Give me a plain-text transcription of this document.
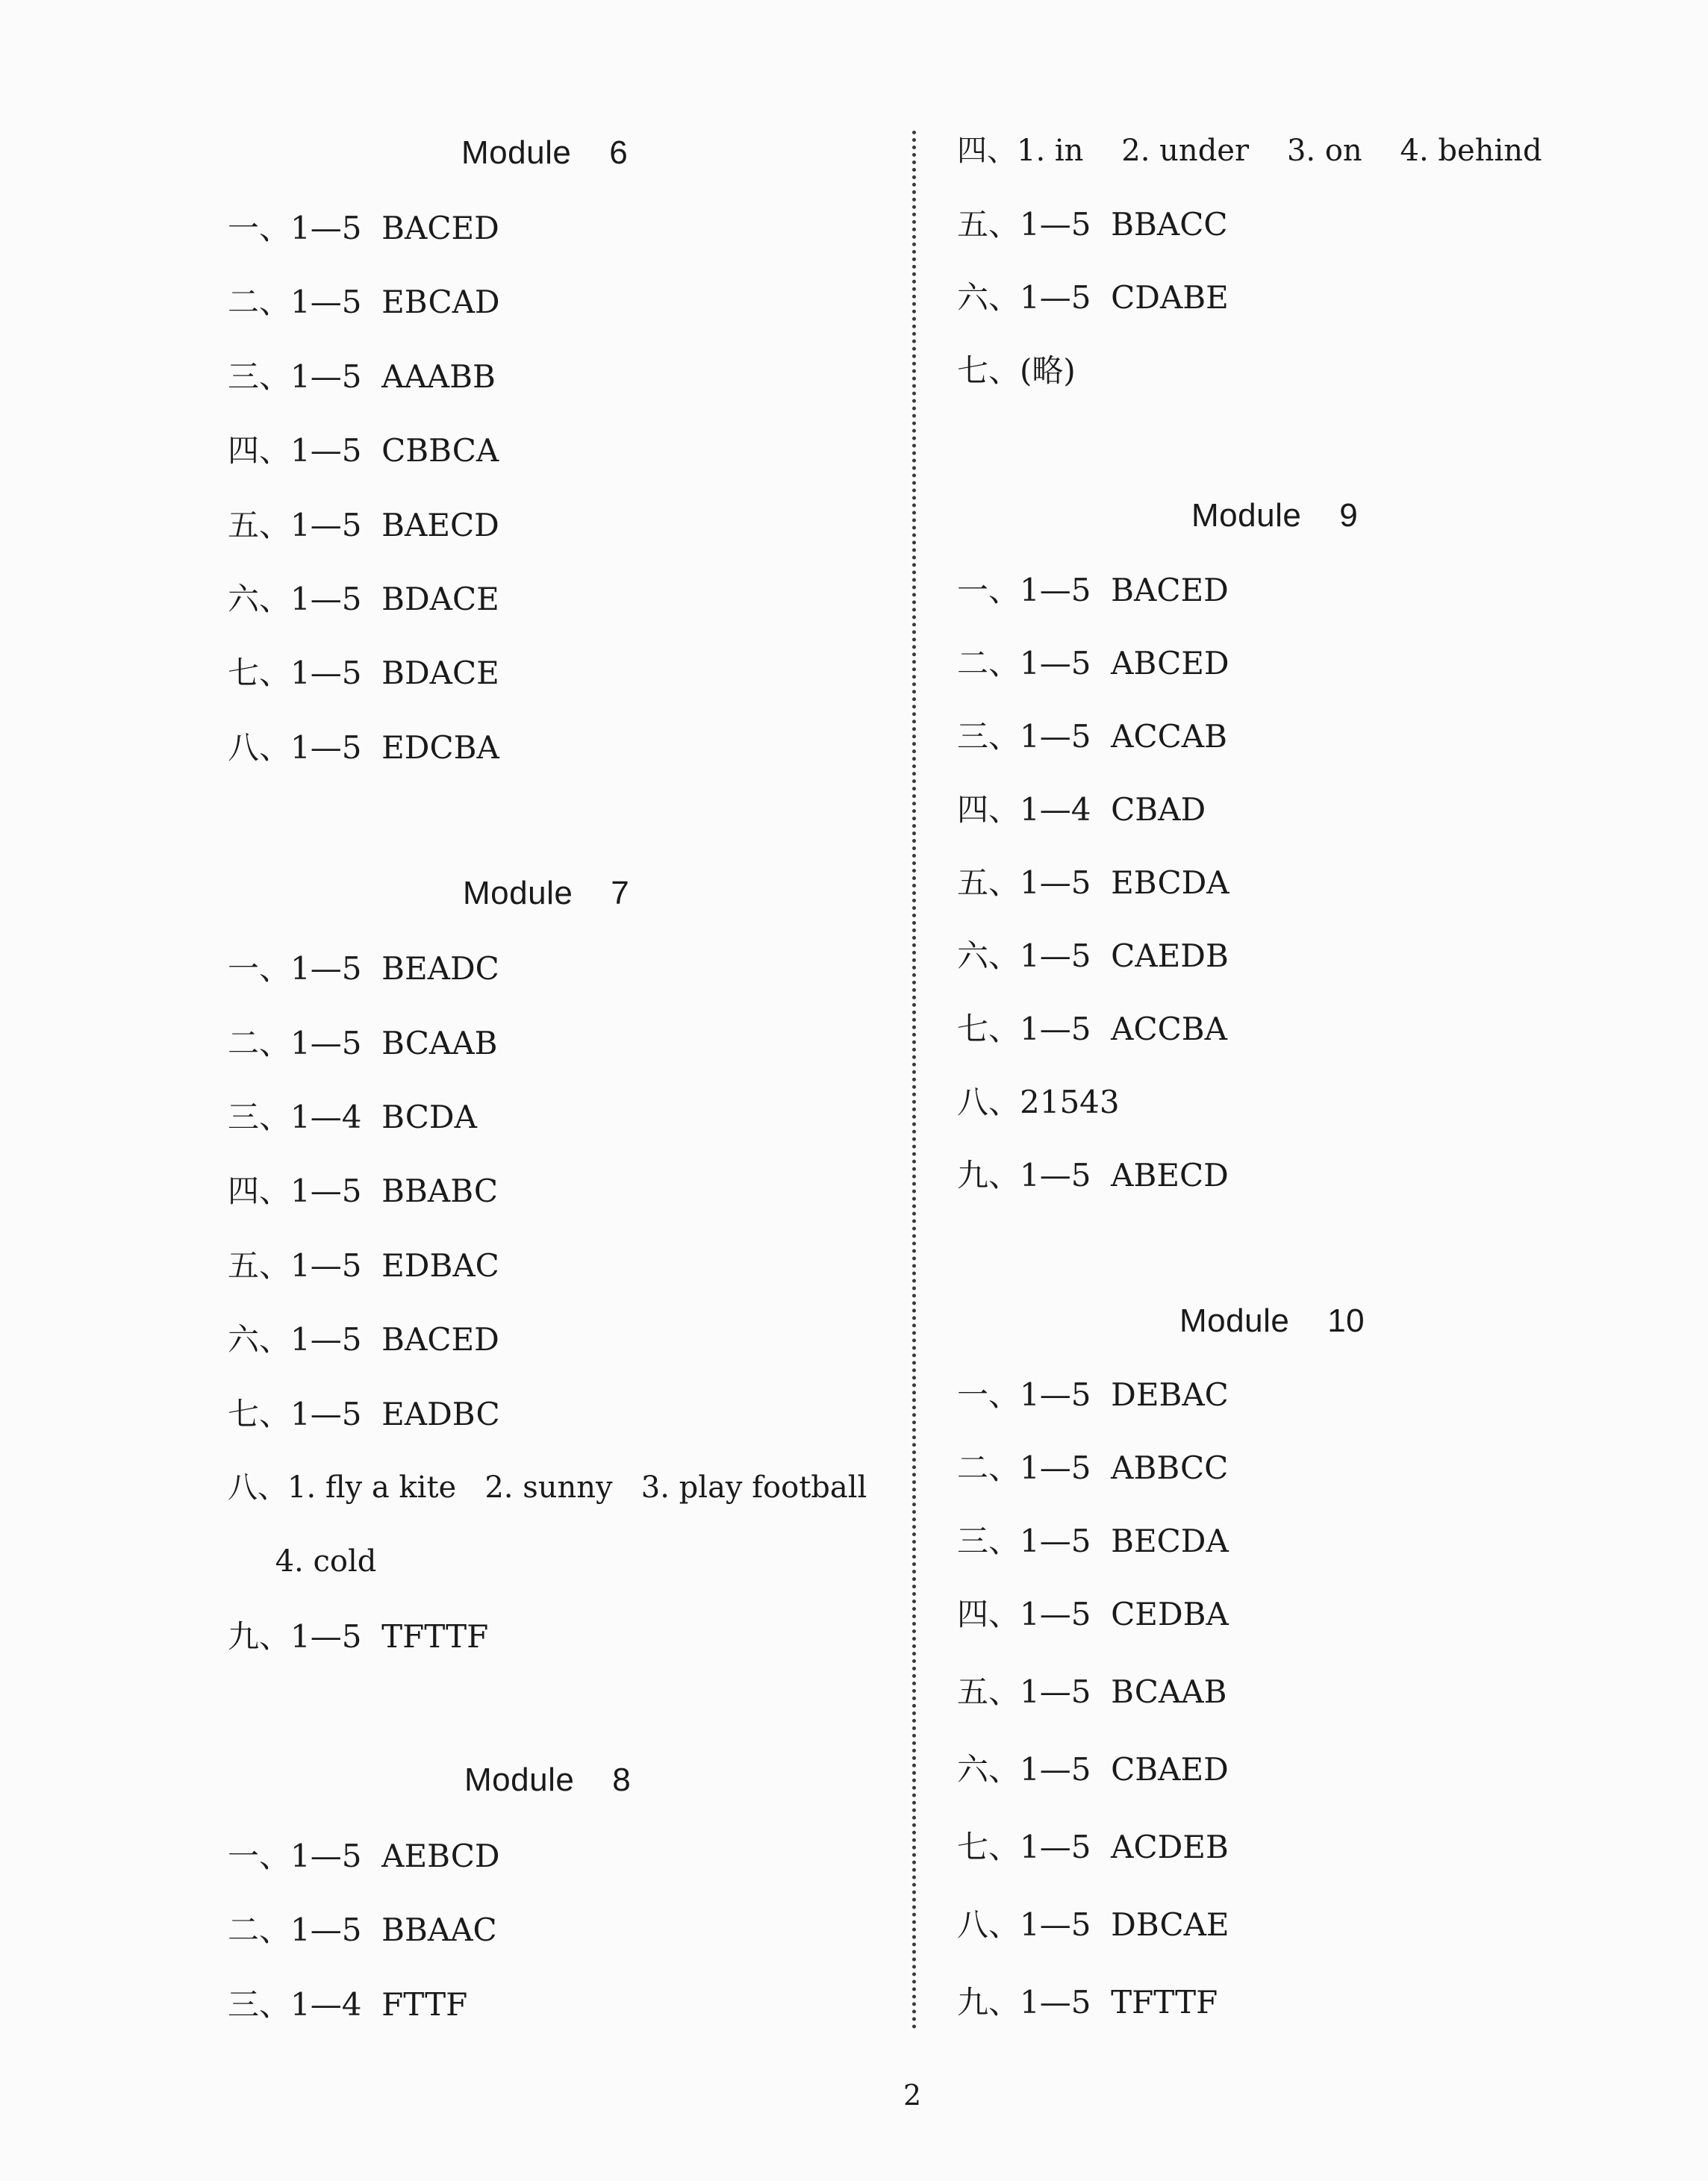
Module    6
一、1—5  BACED
二、1—5  EBCAD
三、1—5  AAABB
四、1—5  CBBCA
五、1—5  BAECD
六、1—5  BDACE
七、1—5  BDACE
八、1—5  EDCBA
Module    7
一、1—5  BEADC
二、1—5  BCAAB
三、1—4  BCDA
四、1—5  BBABC
五、1—5  EDBAC
六、1—5  BACED
七、1—5  EADBC
八、1. fly a kite   2. sunny   3. play football
4. cold
九、1—5  TFTTF
Module    8
一、1—5  AEBCD
二、1—5  BBAAC
三、1—4  FTTF
四、1. in    2. under    3. on    4. behind
五、1—5  BBACC
六、1—5  CDABE
七、(略)
Module    9
一、1—5  BACED
二、1—5  ABCED
三、1—5  ACCAB
四、1—4  CBAD
五、1—5  EBCDA
六、1—5  CAEDB
七、1—5  ACCBA
八、21543
九、1—5  ABECD
Module    10
一、1—5  DEBAC
二、1—5  ABBCC
三、1—5  BECDA
四、1—5  CEDBA
五、1—5  BCAAB
六、1—5  CBAED
七、1—5  ACDEB
八、1—5  DBCAE
九、1—5  TFTTF
2
